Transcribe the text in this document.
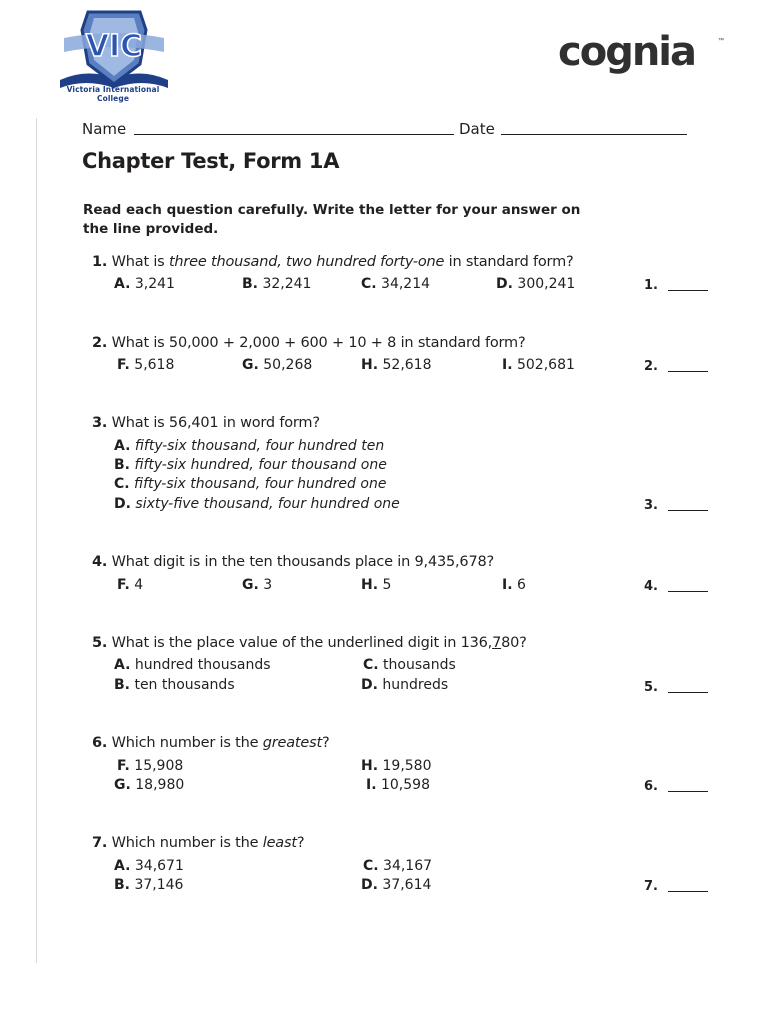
VIC
Victoria International College
cognia	™
Name	Date
Chapter Test, Form 1A
Read each question carefully. Write the letter for your answer on the line provided.
1. What is three thousand, two hundred forty-one in standard form?
A. 3,241	B. 32,241	C. 34,214	D. 300,241	1.
2. What is 50,000 + 2,000 + 600 + 10 + 8 in standard form?
F. 5,618	G. 50,268	H. 52,618	I. 502,681	2.
3. What is 56,401 in word form?
A. fifty-six thousand, four hundred ten
B. fifty-six hundred, four thousand one
C. fifty-six thousand, four hundred one
D. sixty-five thousand, four hundred one	3.
4. What digit is in the ten thousands place in 9,435,678?
F. 4	G. 3	H. 5	I. 6	4.
5. What is the place value of the underlined digit in 136,780?
A. hundred thousands	C. thousands
B. ten thousands	D. hundreds	5.
6. Which number is the greatest?
F. 15,908	H. 19,580
G. 18,980	I. 10,598	6.
7. Which number is the least?
A. 34,671	C. 34,167
B. 37,146	D. 37,614	7.
